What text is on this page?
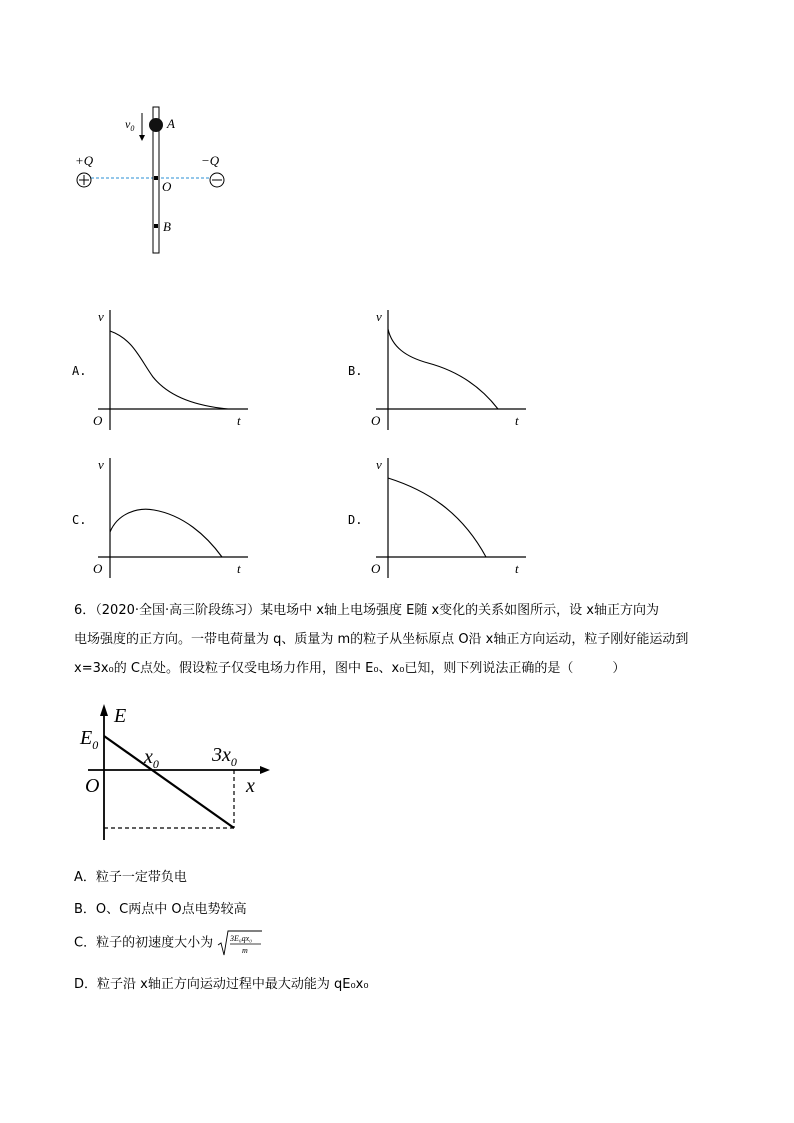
$v_0$	A
+Q	−Q
O
B
A.
v
O	t
B.
v
O	t
C.
v
O	t
D.
v
O	t
6．（2020·全国·高三阶段练习）某电场中 x轴上电场强度 E随 x变化的关系如图所示，设 x轴正方向为
电场强度的正方向。一带电荷量为 q、质量为 m的粒子从坐标原点 O沿 x轴正方向运动，粒子刚好能运动到
x=3x₀的 C点处。假设粒子仅受电场力作用，图中 E₀、x₀已知，则下列说法正确的是（　　　）
E
$E_0$
$x_0$	$3x_0$
O	x
A．粒子一定带负电
B．O、C两点中 O点电势较高
C．粒子的初速度大小为 3E₀qx₀
m
D．粒子沿 x轴正方向运动过程中最大动能为 qE₀x₀
